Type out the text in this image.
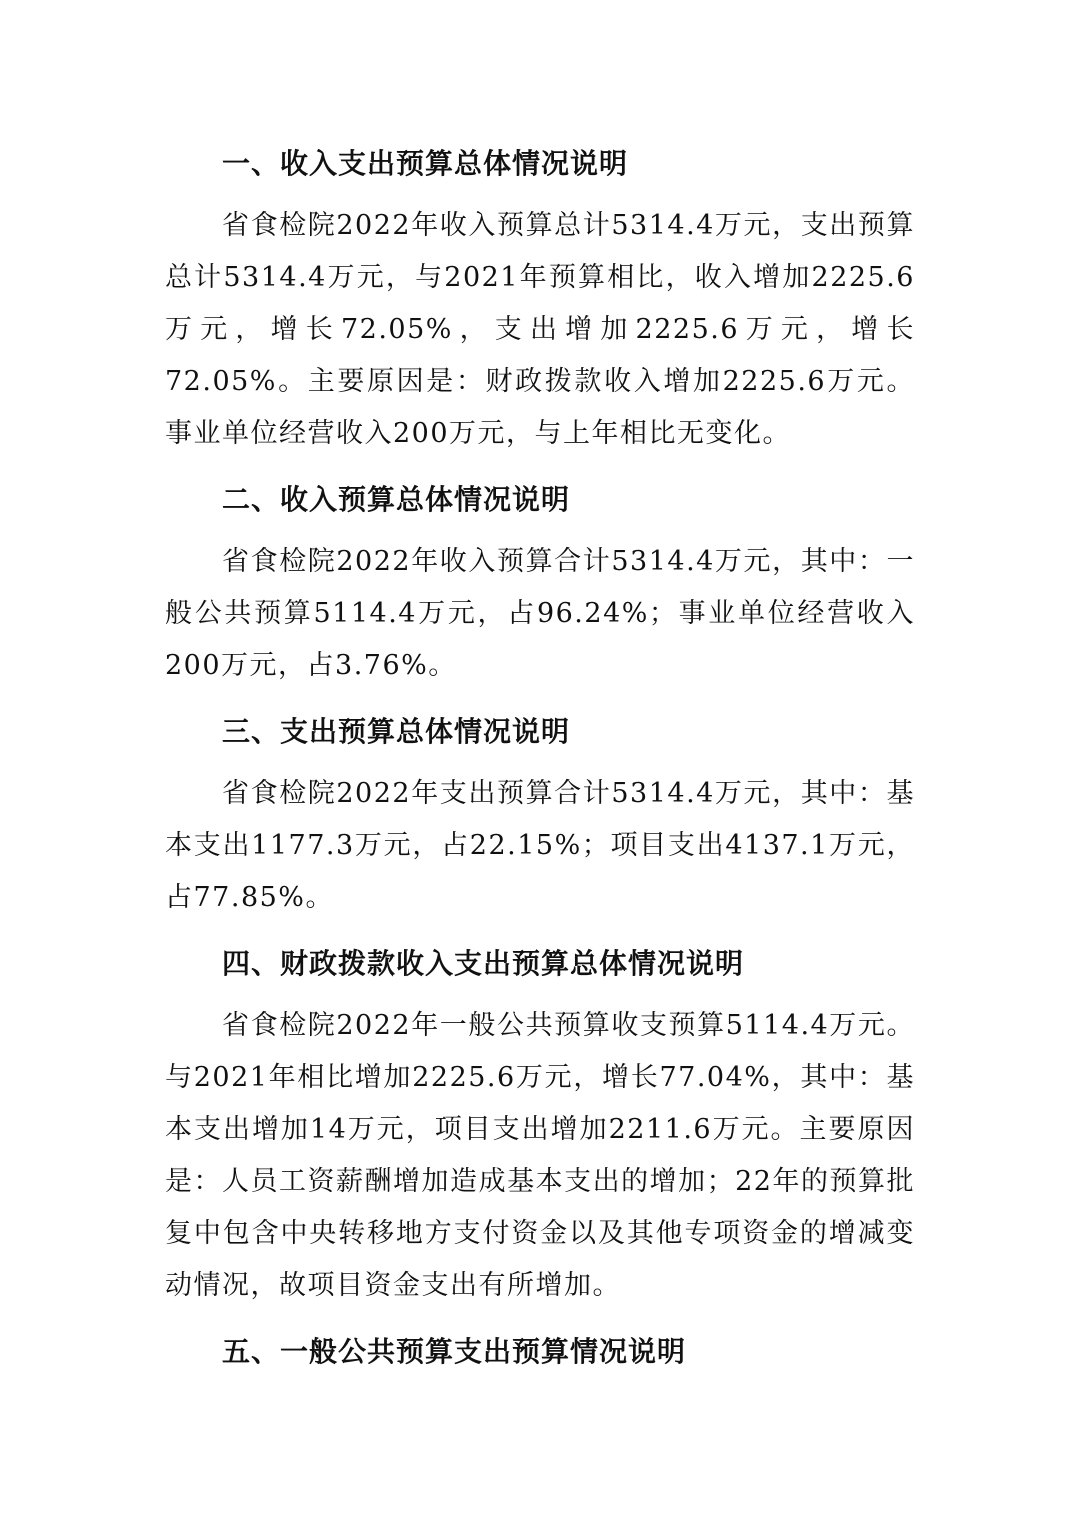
一、收入支出预算总体情况说明

省食检院2022年收入预算总计5314.4万元，支出预算总计5314.4万元，与2021年预算相比，收入增加2225.6万元，增长72.05%，支出增加2225.6万元，增长72.05%。主要原因是：财政拨款收入增加2225.6万元。事业单位经营收入200万元，与上年相比无变化。

二、收入预算总体情况说明

省食检院2022年收入预算合计5314.4万元，其中：一般公共预算5114.4万元，占96.24%；事业单位经营收入200万元，占3.76%。

三、支出预算总体情况说明

省食检院2022年支出预算合计5314.4万元，其中：基本支出1177.3万元，占22.15%；项目支出4137.1万元，占77.85%。

四、财政拨款收入支出预算总体情况说明

省食检院2022年一般公共预算收支预算5114.4万元。与2021年相比增加2225.6万元，增长77.04%，其中：基本支出增加14万元，项目支出增加2211.6万元。主要原因是：人员工资薪酬增加造成基本支出的增加；22年的预算批复中包含中央转移地方支付资金以及其他专项资金的增减变动情况，故项目资金支出有所增加。

五、一般公共预算支出预算情况说明
